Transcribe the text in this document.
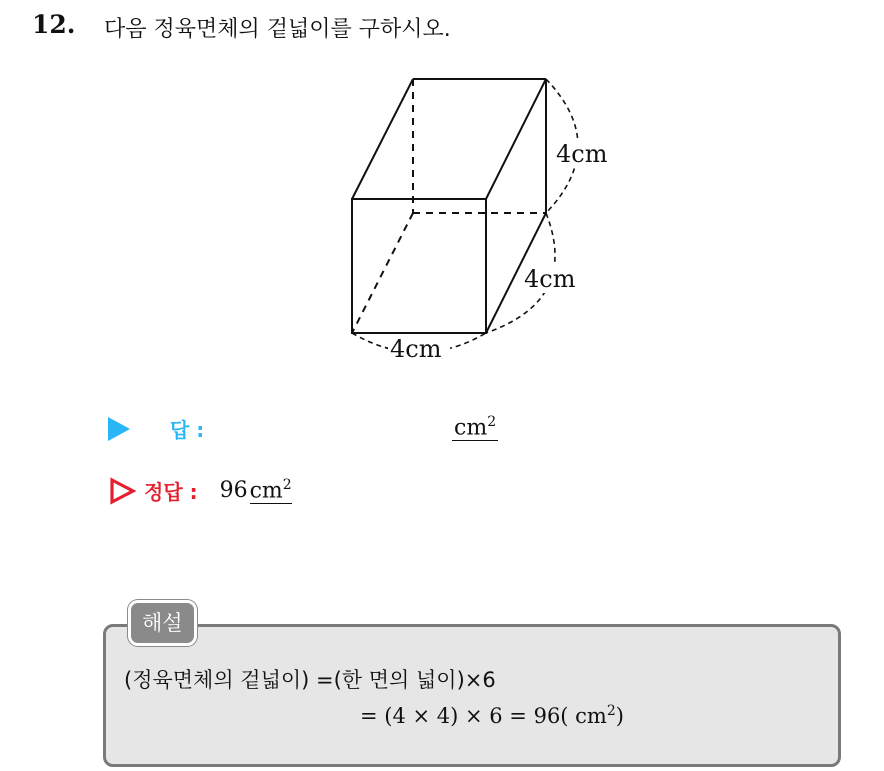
12. 다음 정육면체의 겉넓이를 구하시오.
4cm
4cm
4cm
답 :	$cm^2$
정답 : 96 $cm^2$
해설
(정육면체의 겉넓이) =(한 면의 넓이)×6
= (4 × 4) × 6 = 96( $cm^2$)
